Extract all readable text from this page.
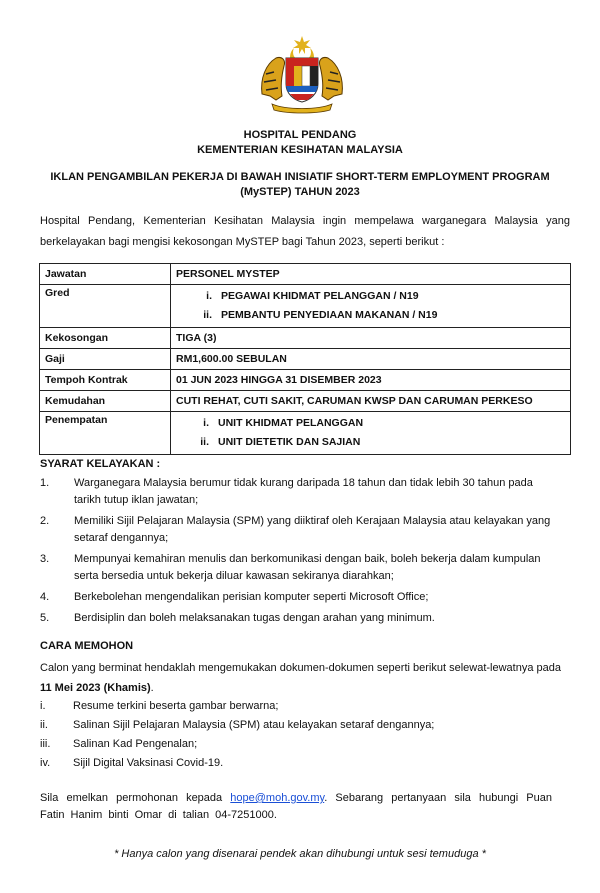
HOSPITAL PENDANG
KEMENTERIAN KESIHATAN MALAYSIA
IKLAN PENGAMBILAN PEKERJA DI BAWAH INISIATIF SHORT-TERM EMPLOYMENT PROGRAM
(MySTEP) TAHUN 2023
Hospital Pendang, Kementerian Kesihatan Malaysia ingin mempelawa warganegara Malaysia yang berkelayakan bagi mengisi kekosongan MySTEP bagi Tahun 2023, seperti berikut :
Jawatan	PERSONEL MYSTEP
Gred	i. PEGAWAI KHIDMAT PELANGGAN / N19
ii. PEMBANTU PENYEDIAAN MAKANAN / N19

Kekosongan	TIGA (3)
Gaji	RM1,600.00 SEBULAN
Tempoh Kontrak	01 JUN 2023 HINGGA 31 DISEMBER 2023
Kemudahan	CUTI REHAT, CUTI SAKIT, CARUMAN KWSP DAN CARUMAN PERKESO
Penempatan	i. UNIT KHIDMAT PELANGGAN
ii. UNIT DIETETIK DAN SAJIAN
SYARAT KELAYAKAN :
1.	Warganegara Malaysia berumur tidak kurang daripada 18 tahun dan tidak lebih 30 tahun pada tarikh tutup iklan jawatan;
2.	Memiliki Sijil Pelajaran Malaysia (SPM) yang diiktiraf oleh Kerajaan Malaysia atau kelayakan yang setaraf dengannya;
3.	Mempunyai kemahiran menulis dan berkomunikasi dengan baik, boleh bekerja dalam kumpulan serta bersedia untuk bekerja diluar kawasan sekiranya diarahkan;
4.	Berkebolehan mengendalikan perisian komputer seperti Microsoft Office;
5.	Berdisiplin dan boleh melaksanakan tugas dengan arahan yang minimum.
CARA MEMOHON
Calon yang berminat hendaklah mengemukakan dokumen-dokumen seperti berikut selewat-lewatnya pada
11 Mei 2023 (Khamis).
i.	Resume terkini beserta gambar berwarna;
ii.	Salinan Sijil Pelajaran Malaysia (SPM) atau kelayakan setaraf dengannya;
iii.	Salinan Kad Pengenalan;
iv.	Sijil Digital Vaksinasi Covid-19.
Sila emelkan permohonan kepada hope@moh.gov.my. Sebarang pertanyaan sila hubungi Puan Fatin Hanim binti Omar di talian 04-7251000.
* Hanya calon yang disenarai pendek akan dihubungi untuk sesi temuduga *
